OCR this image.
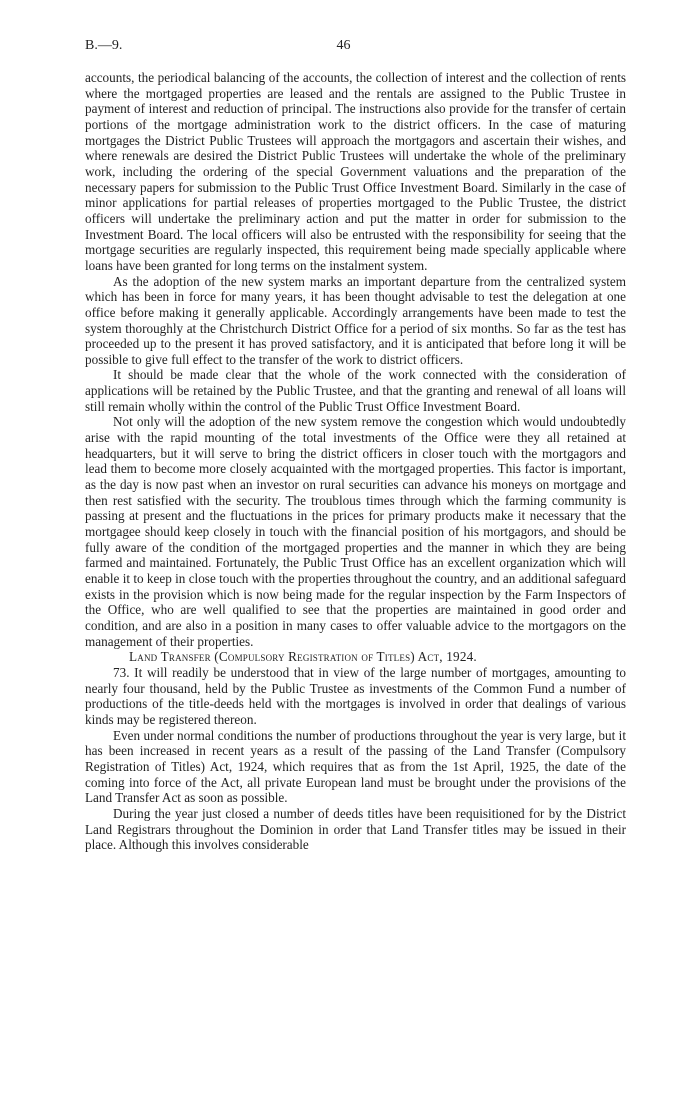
B.—9.	46

accounts, the periodical balancing of the accounts, the collection of interest and the collection of rents where the mortgaged properties are leased and the rentals are assigned to the Public Trustee in payment of interest and reduction of principal. The instructions also provide for the transfer of certain portions of the mortgage administration work to the district officers. In the case of maturing mortgages the District Public Trustees will approach the mortgagors and ascertain their wishes, and where renewals are desired the District Public Trustees will undertake the whole of the preliminary work, including the ordering of the special Government valuations and the preparation of the necessary papers for submission to the Public Trust Office Investment Board. Similarly in the case of minor applications for partial releases of properties mortgaged to the Public Trustee, the district officers will undertake the preliminary action and put the matter in order for submission to the Investment Board. The local officers will also be entrusted with the responsibility for seeing that the mortgage securities are regularly inspected, this requirement being made specially applicable where loans have been granted for long terms on the instalment system.

As the adoption of the new system marks an important departure from the centralized system which has been in force for many years, it has been thought advisable to test the delegation at one office before making it generally applicable. Accordingly arrangements have been made to test the system thoroughly at the Christchurch District Office for a period of six months. So far as the test has proceeded up to the present it has proved satisfactory, and it is anticipated that before long it will be possible to give full effect to the transfer of the work to district officers.

It should be made clear that the whole of the work connected with the consideration of applications will be retained by the Public Trustee, and that the granting and renewal of all loans will still remain wholly within the control of the Public Trust Office Investment Board.

Not only will the adoption of the new system remove the congestion which would undoubtedly arise with the rapid mounting of the total investments of the Office were they all retained at headquarters, but it will serve to bring the district officers in closer touch with the mortgagors and lead them to become more closely acquainted with the mortgaged properties. This factor is important, as the day is now past when an investor on rural securities can advance his moneys on mortgage and then rest satisfied with the security. The troublous times through which the farming community is passing at present and the fluctuations in the prices for primary products make it necessary that the mortgagee should keep closely in touch with the financial position of his mortgagors, and should be fully aware of the condition of the mortgaged properties and the manner in which they are being farmed and maintained. Fortunately, the Public Trust Office has an excellent organization which will enable it to keep in close touch with the properties throughout the country, and an additional safeguard exists in the provision which is now being made for the regular inspection by the Farm Inspectors of the Office, who are well qualified to see that the properties are maintained in good order and condition, and are also in a position in many cases to offer valuable advice to the mortgagors on the management of their properties.

Land Transfer (Compulsory Registration of Titles) Act, 1924.

73. It will readily be understood that in view of the large number of mortgages, amounting to nearly four thousand, held by the Public Trustee as investments of the Common Fund a number of productions of the title-deeds held with the mortgages is involved in order that dealings of various kinds may be registered thereon.

Even under normal conditions the number of productions throughout the year is very large, but it has been increased in recent years as a result of the passing of the Land Transfer (Compulsory Registration of Titles) Act, 1924, which requires that as from the 1st April, 1925, the date of the coming into force of the Act, all private European land must be brought under the provisions of the Land Transfer Act as soon as possible.

During the year just closed a number of deeds titles have been requisitioned for by the District Land Registrars throughout the Dominion in order that Land Transfer titles may be issued in their place. Although this involves considerable
